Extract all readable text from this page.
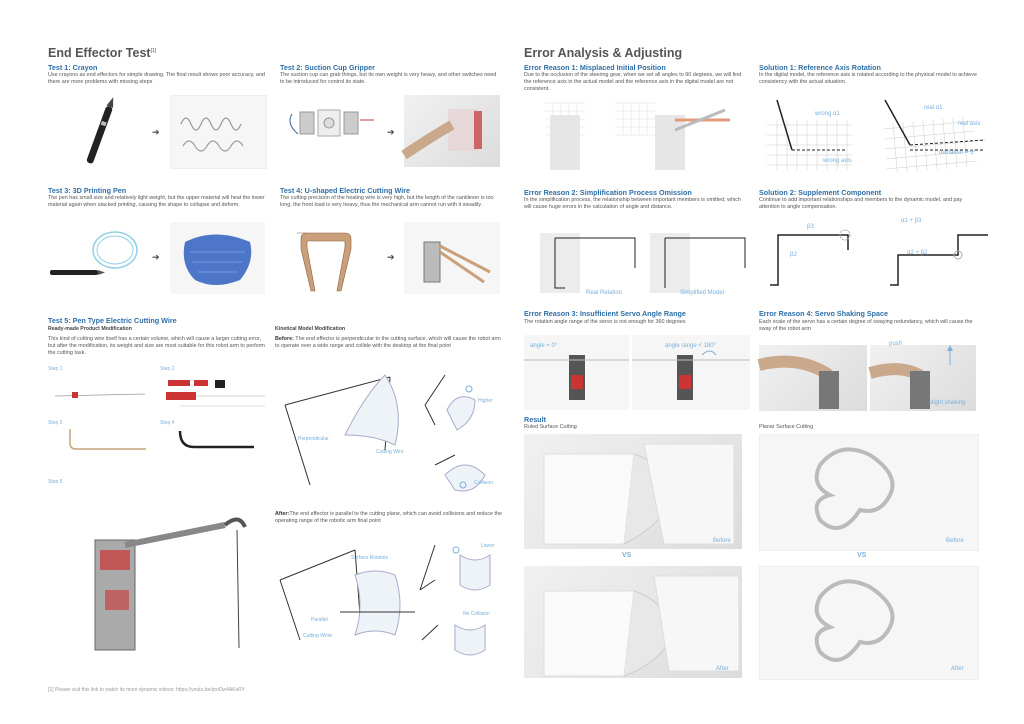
End Effector Test[1]
Test 1: Crayon
Use crayons as end effectors for simple drawing. The final result shows poor accuracy, and there are more problems with missing steps
➔
Test 2: Suction Cup Gripper
The suction cup can grab things, but its own weight is very heavy, and other switches need to be introduced for control its state.
➔
Test 3: 3D Printing Pen
The pen has small size and relatively light weight, but the upper material will heat the lower material again when stacked printing, causing the shape to collapse and deform.
➔
Test 4: U-shaped Electric Cutting Wire
The cutting precision of the heating wire is very high, but the length of the cantilever is too long, the front load is very heavy, thus the mechanical arm cannot run with it steadily.
➔
Test 5: Pen Type Electric Cutting Wire
Ready-made Product Modification
This kind of cutting wire itself has a certain volume, which will cause a larger cutting error, but after the modification, its weight and size are most suitable for this robot arm to perform the cutting task.
Step 1	Step 2
Step 3	Step 4
Step 5
Kinetical Model Modification
Before: The end effector is perpendicular to the cutting surface, which will cause the robot arm to operate over a wide range and collide with the desktop at the final point
Perpendicular
Cutting Wire
Higher
Collision
After:The end effector is parallel to the cutting plane, which can avoid collisions and reduce the operating range of the robotic arm final point
Surface Rotation
Parallel
Cutting Wrire
Lower
No Collision
[1] Please visit this link to watch its more dynamic videos: https://youtu.be/qroDw4AKxRY
Error Analysis & Adjusting
Error Reason 1: Misplaced Initial Position
Due to the occlusion of the steering gear, when we set all angles to 90 degrees, we will find the reference axis in the actual model and the reference axis in the digital model are not consistent.
Solution 1: Reference Axis Rotation
In the digital model, the reference axis is rotated according to the physical model to achieve consistency with the actual situation.
wrong α1
wrong axis
real α1
real axis
deviation = 5°
Error Reason 2: Simplification Process Omission
In the simplification process, the relationship between important members is omitted, which will cause huge errors in the calculation of angle and distance.
Real Relation	Simplified Model
Solution 2: Supplement Component
Continue to add important relationships and members to the dynamic model, and pay attention to angle compensation.
β3
β2
α1 + β3
α2 + β2
Error Reason 3: Insufficient Servo Angle Range
The rotation angle range of the servo is not enough for 360 degrees
angle = 0°	angle range < 180°
Error Reason 4: Servo Shaking Space
Each scale of the servo has a certain degree of swaying redundancy, which will cause the sway of the robot arm
push
slight shaking
Result
Ruled Surface Cutting	Planar Surface Cutting
Before
VS
After
Before
VS
After
